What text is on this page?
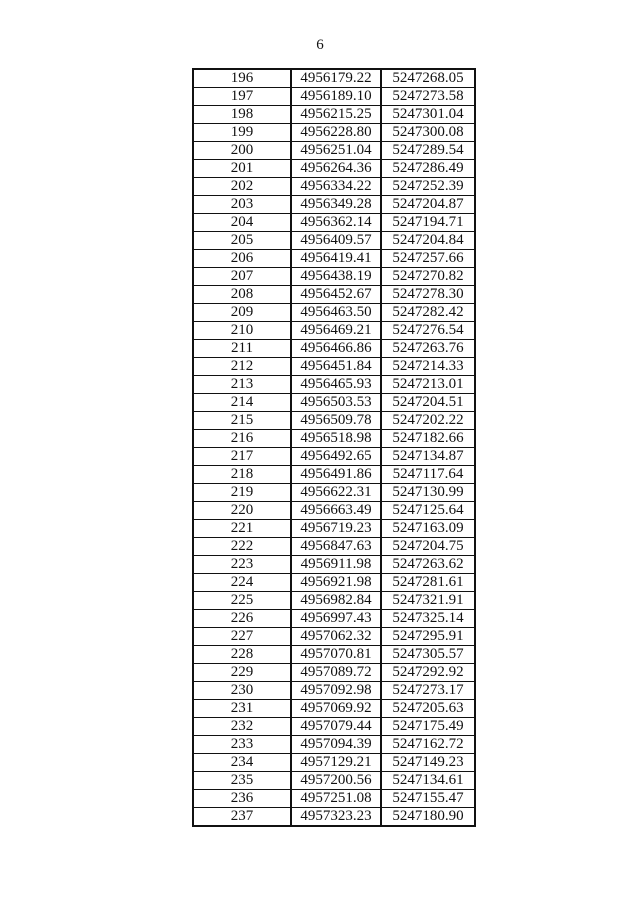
6
196	4956179.22	5247268.05
197	4956189.10	5247273.58
198	4956215.25	5247301.04
199	4956228.80	5247300.08
200	4956251.04	5247289.54
201	4956264.36	5247286.49
202	4956334.22	5247252.39
203	4956349.28	5247204.87
204	4956362.14	5247194.71
205	4956409.57	5247204.84
206	4956419.41	5247257.66
207	4956438.19	5247270.82
208	4956452.67	5247278.30
209	4956463.50	5247282.42
210	4956469.21	5247276.54
211	4956466.86	5247263.76
212	4956451.84	5247214.33
213	4956465.93	5247213.01
214	4956503.53	5247204.51
215	4956509.78	5247202.22
216	4956518.98	5247182.66
217	4956492.65	5247134.87
218	4956491.86	5247117.64
219	4956622.31	5247130.99
220	4956663.49	5247125.64
221	4956719.23	5247163.09
222	4956847.63	5247204.75
223	4956911.98	5247263.62
224	4956921.98	5247281.61
225	4956982.84	5247321.91
226	4956997.43	5247325.14
227	4957062.32	5247295.91
228	4957070.81	5247305.57
229	4957089.72	5247292.92
230	4957092.98	5247273.17
231	4957069.92	5247205.63
232	4957079.44	5247175.49
233	4957094.39	5247162.72
234	4957129.21	5247149.23
235	4957200.56	5247134.61
236	4957251.08	5247155.47
237	4957323.23	5247180.90
